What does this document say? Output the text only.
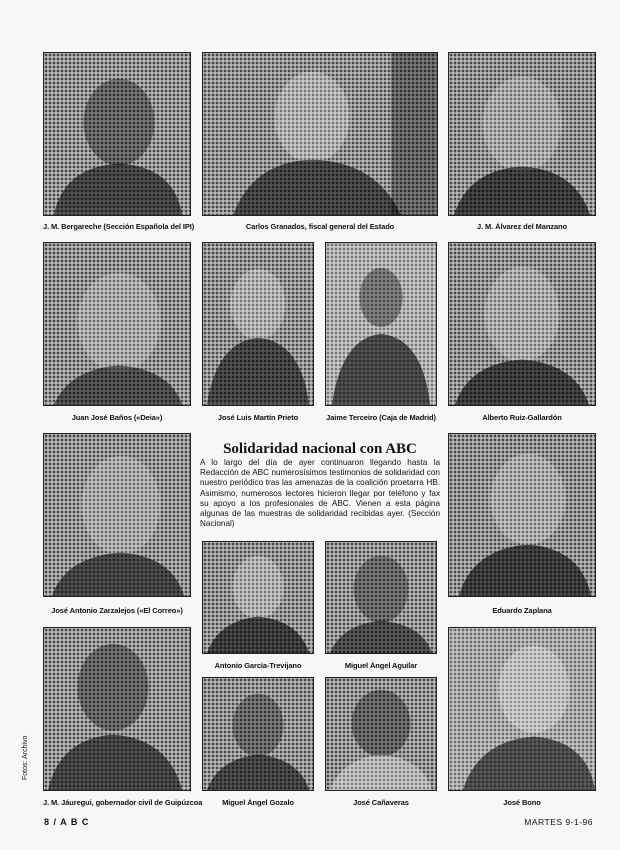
J. M. Bergareche (Sección Española del IPI)	Carlos Granados, fiscal general del Estado	J. M. Álvarez del Manzano
Juan José Baños («Deia»)	José Luis Martín Prieto	Jaime Terceiro (Caja de Madrid)	Alberto Ruiz-Gallardón
José Antonio Zarzalejos («El Correo»)
Solidaridad nacional con ABC

A lo largo del día de ayer continuaron llegando hasta la Redacción de ABC numerosísimos testimonios de solidaridad con nuestro periódico tras las amenazas de la coalición proetarra HB. Asimismo, numerosos lectores hicieron llegar por teléfono y fax su apoyo a los profesionales de ABC. Vienen a esta página algunas de las muestras de solidaridad recibidas ayer. (Sección Nacional)

Eduardo Zaplana
Antonio García-Trevijano	Miguel Ángel Aguilar
J. M. Jáuregui, gobernador civil de Guipúzcoa	Miguel Ángel Gozalo	José Cañaveras	José Bono
Fotos: Archivo
8 / A B C	MARTES 9-1-96
